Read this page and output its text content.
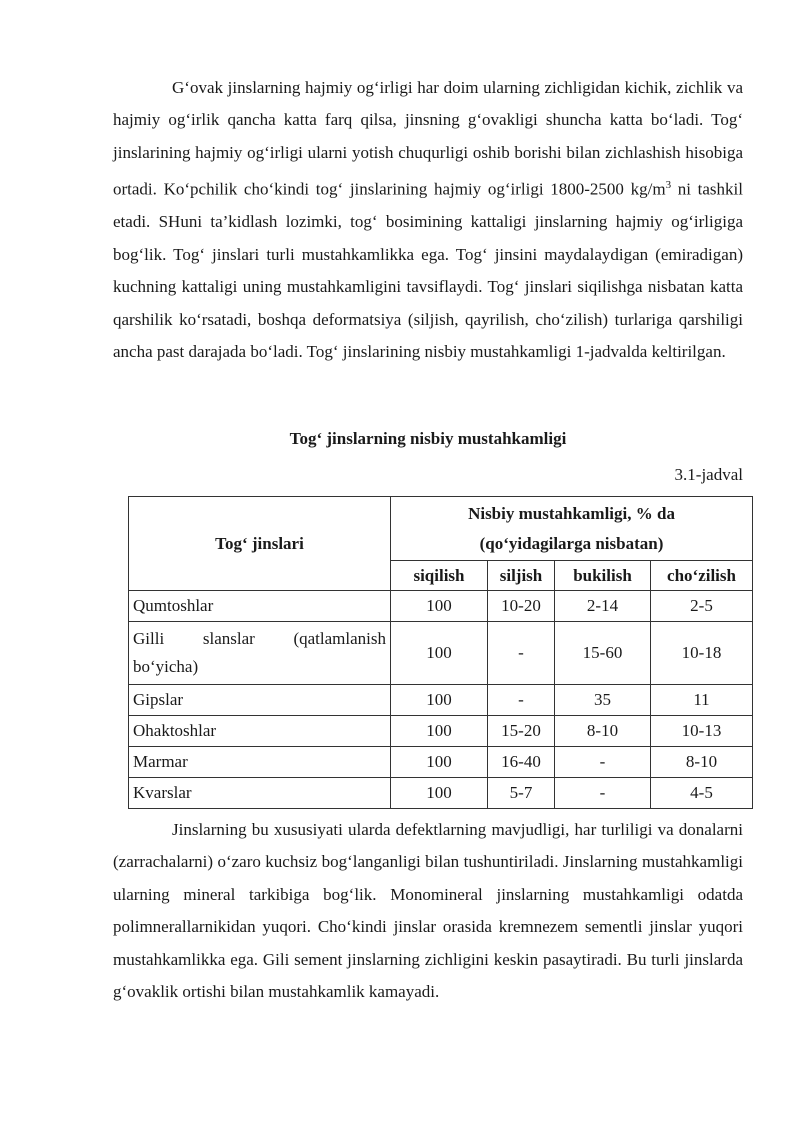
G‘ovak jinslarning hajmiy og‘irligi har doim ularning zichligidan kichik, zichlik va hajmiy og‘irlik qancha katta farq qilsa, jinsning g‘ovakligi shuncha katta bo‘ladi. Tog‘ jinslarining hajmiy og‘irligi ularni yotish chuqurligi oshib borishi bilan zichlashish hisobiga ortadi. Ko‘pchilik cho‘kindi tog‘ jinslarining hajmiy og‘irligi 1800-2500 $kg/m^3$ ni tashkil etadi. SHuni ta’kidlash lozimki, tog‘ bosimining kattaligi jinslarning hajmiy og‘irligiga bog‘lik. Tog‘ jinslari turli mustahkamlikka ega. Tog‘ jinsini maydalaydigan (emiradigan) kuchning kattaligi uning mustahkamligini tavsiflaydi. Tog‘ jinslari siqilishga nisbatan katta qarshilik ko‘rsatadi, boshqa deformatsiya (siljish, qayrilish, cho‘zilish) turlariga qarshiligi ancha past darajada bo‘ladi. Tog‘ jinslarining nisbiy mustahkamligi 1-jadvalda keltirilgan.

Tog‘ jinslarning nisbiy mustahkamligi

3.1-jadval

Tog‘ jinslari	Nisbiy mustahkamligi, % da
(qo‘yidagilarga nisbatan)			

	siqilish	siljish	bukilish	cho‘zilish
Qumtoshlar	100	10-20	2-14	2-5
Gilli slanslar (qatlamlanish bo‘yicha)	100	-	15-60	10-18
Gipslar	100	-	35	11
Ohaktoshlar	100	15-20	8-10	10-13
Marmar	100	16-40	-	8-10
Kvarslar	100	5-7	-	4-5

Jinslarning bu xususiyati ularda defektlarning mavjudligi, har turliligi va donalarni (zarrachalarni) o‘zaro kuchsiz bog‘langanligi bilan tushuntiriladi. Jinslarning mustahkamligi ularning mineral tarkibiga bog‘lik. Monomineral jinslarning mustahkamligi odatda polimnerallarnikidan yuqori. Cho‘kindi jinslar orasida kremnezem sementli jinslar yuqori mustahkamlikka ega. Gili sement jinslarning zichligini keskin pasaytiradi. Bu turli jinslarda g‘ovaklik ortishi bilan mustahkamlik kamayadi.
